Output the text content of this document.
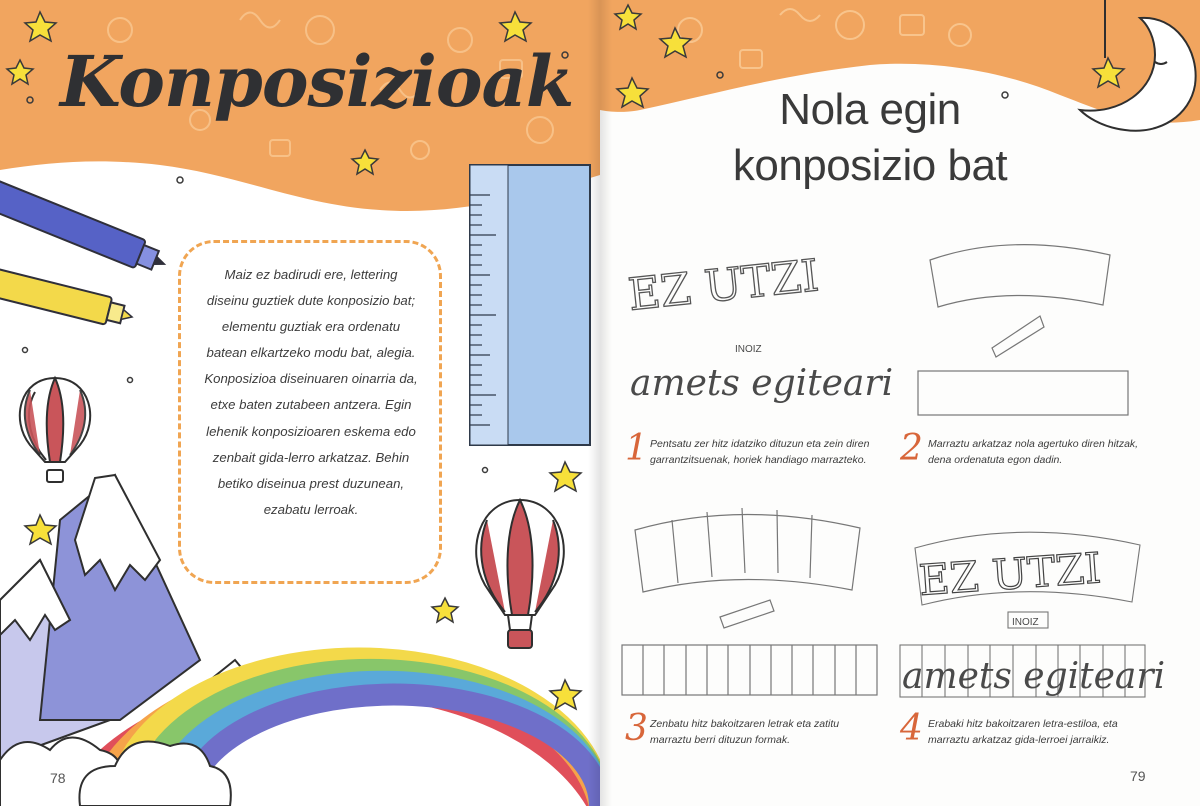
Konposizioak
Maiz ez badirudi ere, lettering
diseinu guztiek dute konposizio bat;
elementu guztiak era ordenatu
batean elkartzeko modu bat, alegia.
Konposizioa diseinuaren oinarria da,
etxe baten zutabeen antzera. Egin
lehenik konposizioaren eskema edo
zenbait gida-lerro arkatzaz. Behin
betiko diseinua prest duzunean,
ezabatu lerroak.
78
EZ UTZI
INOIZ
amets egiteari
EZ UTZI
INOIZ
amets egiteari
Nola egin
konposizio bat
1 Pentsatu zer hitz idatziko dituzun eta zein diren
garrantzitsuenak, horiek handiago marrazteko. 2 Marraztu arkatzaz nola agertuko diren hitzak,
dena ordenatuta egon dadin.
3 Zenbatu hitz bakoitzaren letrak eta zatitu
marraztu berri dituzun formak.	4 Erabaki hitz bakoitzaren letra-estiloa, eta
marraztu arkatzaz gida-lerroei jarraikiz.
79
